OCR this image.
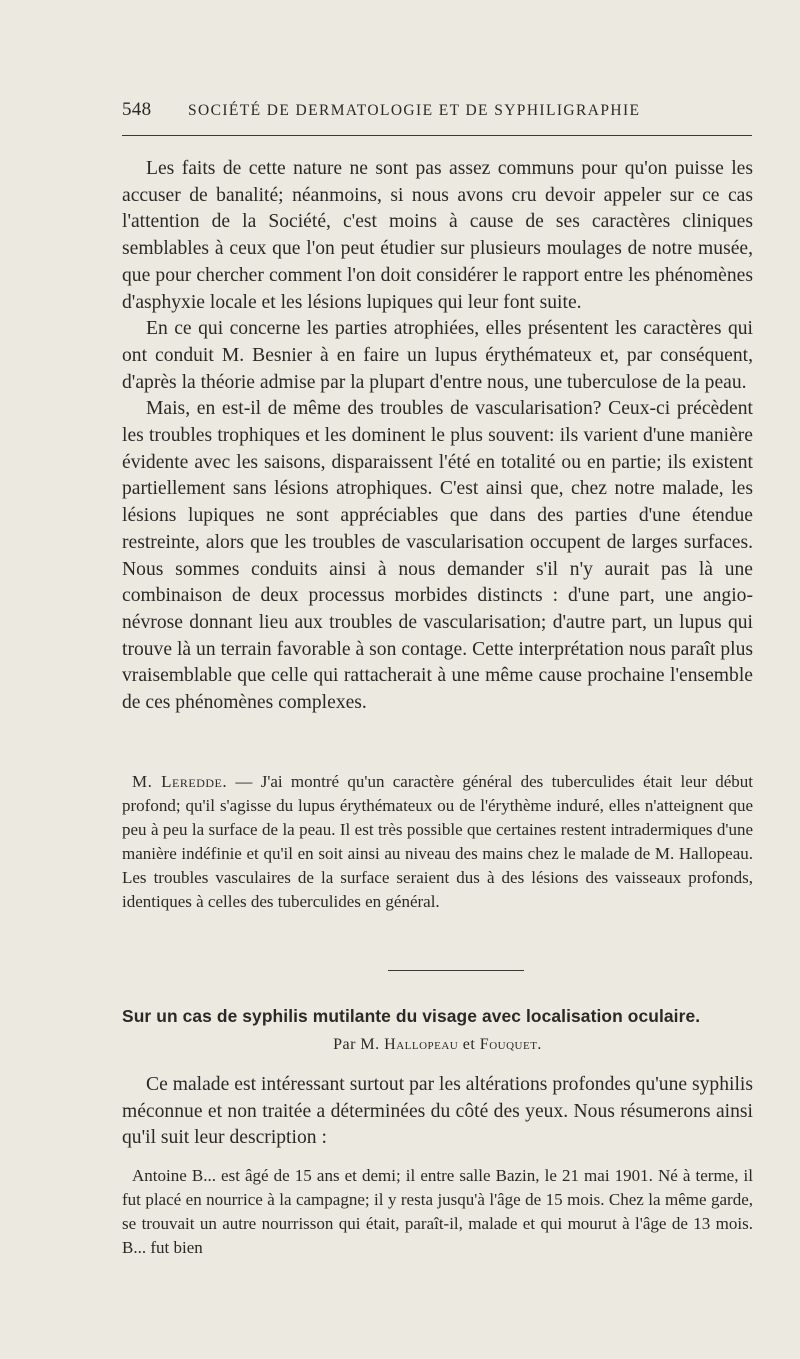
548 SOCIÉTÉ DE DERMATOLOGIE ET DE SYPHILIGRAPHIE

Les faits de cette nature ne sont pas assez communs pour qu'on puisse les accuser de banalité; néanmoins, si nous avons cru devoir appeler sur ce cas l'attention de la Société, c'est moins à cause de ses caractères cliniques semblables à ceux que l'on peut étudier sur plusieurs moulages de notre musée, que pour chercher comment l'on doit considérer le rapport entre les phénomènes d'asphyxie locale et les lésions lupiques qui leur font suite.

En ce qui concerne les parties atrophiées, elles présentent les caractères qui ont conduit M. Besnier à en faire un lupus érythémateux et, par conséquent, d'après la théorie admise par la plupart d'entre nous, une tuberculose de la peau.

Mais, en est-il de même des troubles de vascularisation? Ceux-ci précèdent les troubles trophiques et les dominent le plus souvent: ils varient d'une manière évidente avec les saisons, disparaissent l'été en totalité ou en partie; ils existent partiellement sans lésions atrophiques. C'est ainsi que, chez notre malade, les lésions lupiques ne sont appréciables que dans des parties d'une étendue restreinte, alors que les troubles de vascularisation occupent de larges surfaces. Nous sommes conduits ainsi à nous demander s'il n'y aurait pas là une combinaison de deux processus morbides distincts : d'une part, une angio-névrose donnant lieu aux troubles de vascularisation; d'autre part, un lupus qui trouve là un terrain favorable à son contage. Cette interprétation nous paraît plus vraisemblable que celle qui rattacherait à une même cause prochaine l'ensemble de ces phénomènes complexes.

M. Leredde. — J'ai montré qu'un caractère général des tuberculides était leur début profond; qu'il s'agisse du lupus érythémateux ou de l'érythème induré, elles n'atteignent que peu à peu la surface de la peau. Il est très possible que certaines restent intradermiques d'une manière indéfinie et qu'il en soit ainsi au niveau des mains chez le malade de M. Hallopeau. Les troubles vasculaires de la surface seraient dus à des lésions des vaisseaux profonds, identiques à celles des tuberculides en général.

Sur un cas de syphilis mutilante du visage avec localisation oculaire.
Par M. Hallopeau et Fouquet.

Ce malade est intéressant surtout par les altérations profondes qu'une syphilis méconnue et non traitée a déterminées du côté des yeux. Nous résumerons ainsi qu'il suit leur description :

Antoine B... est âgé de 15 ans et demi; il entre salle Bazin, le 21 mai 1901. Né à terme, il fut placé en nourrice à la campagne; il y resta jusqu'à l'âge de 15 mois. Chez la même garde, se trouvait un autre nourrisson qui était, paraît-il, malade et qui mourut à l'âge de 13 mois. B... fut bien
